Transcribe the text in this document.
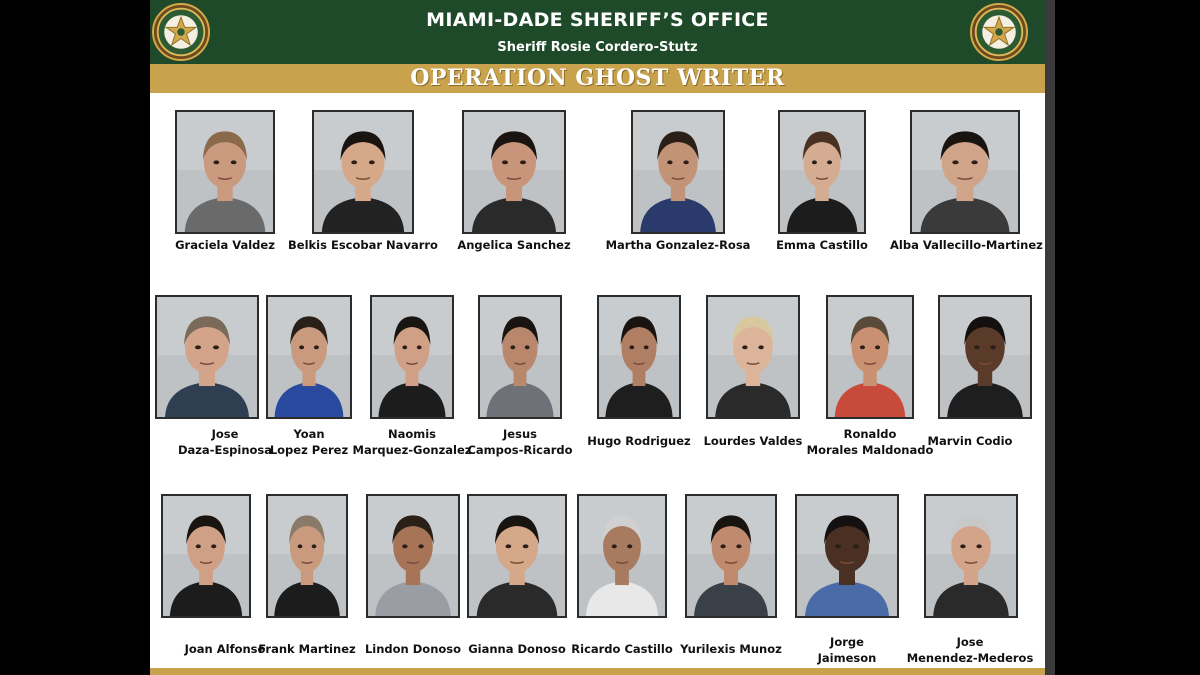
MIAMI-DADE SHERIFF’S OFFICE
Sheriff Rosie Cordero-Stutz
OPERATION GHOST WRITER
Graciela Valdez	Belkis Escobar Navarro	Angelica Sanchez	Martha Gonzalez-Rosa	Emma Castillo	Alba Vallecillo-Martinez
Jose
Daza-Espinosa
Yoan
Lopez Perez
Naomis
Marquez-Gonzalez
Jesus
Campos-Ricardo
Hugo Rodriguez	Lourdes Valdes	Ronaldo
Morales Maldonado
Marvin Codio
Joan Alfonso
Frank Martinez Lindon Donoso Gianna Donoso Ricardo Castillo Yurilexis Munoz	Jorge
Jaimeson
Jose
Menendez-Mederos
